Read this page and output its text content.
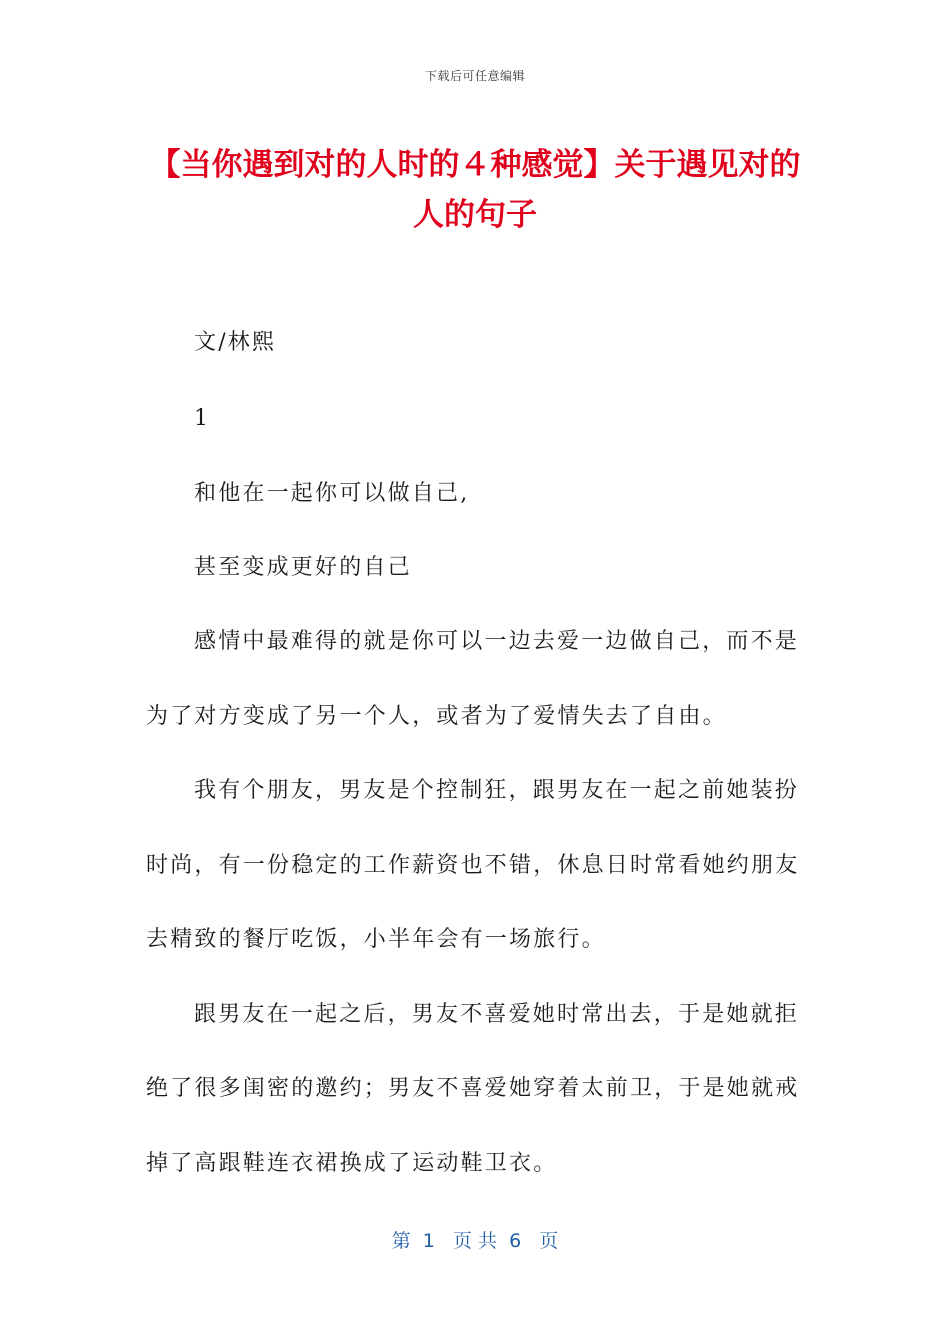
下载后可任意编辑
【当你遇到对的人时的４种感觉】关于遇见对的人的句子
文/林熙
1
和他在一起你可以做自己,
甚至变成更好的自己
感情中最难得的就是你可以一边去爱一边做自己，而不是
为了对方变成了另一个人，或者为了爱情失去了自由。
我有个朋友，男友是个控制狂，跟男友在一起之前她装扮
时尚，有一份稳定的工作薪资也不错，休息日时常看她约朋友
去精致的餐厅吃饭，小半年会有一场旅行。
跟男友在一起之后，男友不喜爱她时常出去，于是她就拒
绝了很多闺密的邀约；男友不喜爱她穿着太前卫，于是她就戒
掉了高跟鞋连衣裙换成了运动鞋卫衣。
第  1   页 共  6   页
